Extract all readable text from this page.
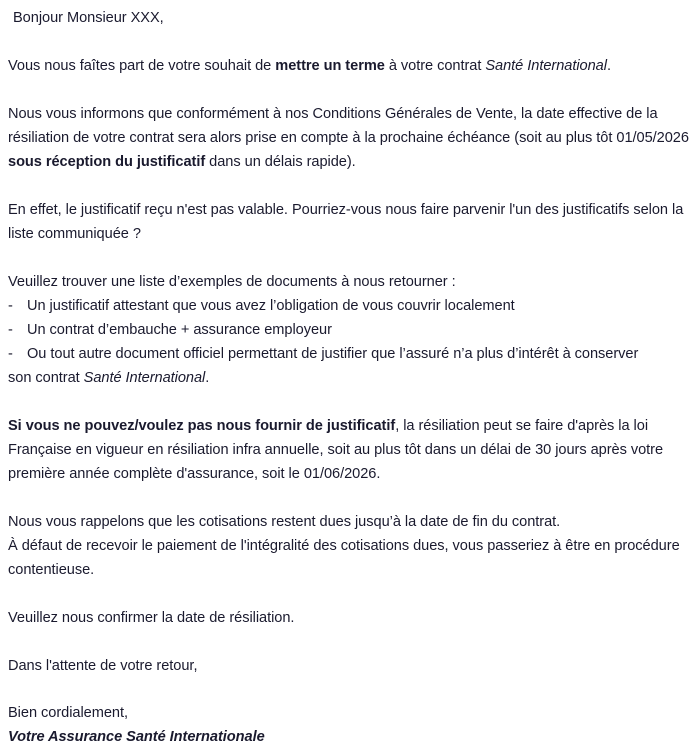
Bonjour Monsieur XXX,

Vous nous faîtes part de votre souhait de mettre un terme à votre contrat Santé International.

Nous vous informons que conformément à nos Conditions Générales de Vente, la date effective de la résiliation de votre contrat sera alors prise en compte à la prochaine échéance (soit au plus tôt 01/05/2026 sous réception du justificatif dans un délais rapide).

En effet, le justificatif reçu n'est pas valable. Pourriez-vous nous faire parvenir l'un des justificatifs selon la liste communiquée ?

Veuillez trouver une liste d’exemples de documents à nous retourner :

- Un justificatif attestant que vous avez l’obligation de vous couvrir localement
- Un contrat d’embauche + assurance employeur
- Ou tout autre document officiel permettant de justifier que l’assuré n’a plus d’intérêt à conserver

son contrat Santé International.

Si vous ne pouvez/voulez pas nous fournir de justificatif, la résiliation peut se faire d'après la loi Française en vigueur en résiliation infra annuelle, soit au plus tôt dans un délai de 30 jours après votre première année complète d'assurance, soit le 01/06/2026.

Nous vous rappelons que les cotisations restent dues jusqu’à la date de fin du contrat.

À défaut de recevoir le paiement de l'intégralité des cotisations dues, vous passeriez à être en procédure contentieuse.

Veuillez nous confirmer la date de résiliation.

Dans l'attente de votre retour,

Bien cordialement,

Votre Assurance Santé Internationale
